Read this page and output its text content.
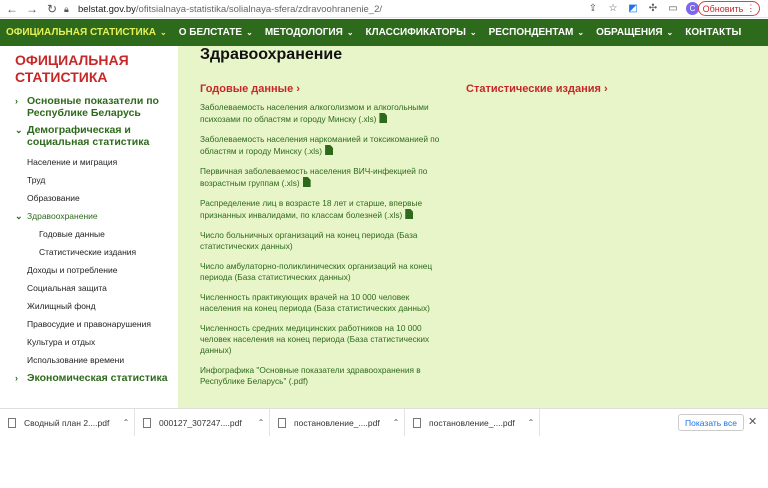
← → ↻ 🔒︎ belstat.gov.by /ofitsialnaya-statistika/solialnaya-sfera/zdravoohranenie_2/	⇪ ☆ ◩ ✣ ▭	С Обновить ⋮
ОФИЦИАЛЬНАЯ СТАТИСТИКА ⌄ О БЕЛСТАТЕ ⌄ МЕТОДОЛОГИЯ ⌄ КЛАССИФИКАТОРЫ ⌄ РЕСПОНДЕНТАМ ⌄ ОБРАЩЕНИЯ ⌄ КОНТАКТЫ
ОФИЦИАЛЬНАЯ СТАТИСТИКА
› Основные показатели по Республике Беларусь
⌄ Демографическая и социальная статистика
Население и миграция
Труд
Образование
⌄ Здравоохранение
Годовые данные
Статистические издания
Доходы и потребление
Социальная защита
Жилищный фонд
Правосудие и правонарушения
Культура и отдых
Использование времени
› Экономическая статистика
Здравоохранение
Годовые данные ›	Статистические издания ›
Заболеваемость населения алкоголизмом и алкогольными психозами по областям и городу Минску (.xls)
Заболеваемость населения наркоманией и токсикоманией по областям и городу Минску (.xls)
Первичная заболеваемость населения ВИЧ-инфекцией по возрастным группам (.xls)
Распределение лиц в возрасте 18 лет и старше, впервые признанных инвалидами, по классам болезней (.xls)
Число больничных организаций на конец периода (База статистических данных)
Число амбулаторно-поликлинических организаций на конец периода (База статистических данных)
Численность практикующих врачей на 10 000 человек населения на конец периода (База статистических данных)
Численность средних медицинских работников на 10 000 человек населения на конец периода (База статистических данных)
Инфографика "Основные показатели здравоохранения в Республике Беларусь" (.pdf)
Сводный план 2....pdf	⌃	000127_307247....pdf	⌃	постановление_....pdf	⌃	постановление_....pdf	⌃	Показать все	✕
